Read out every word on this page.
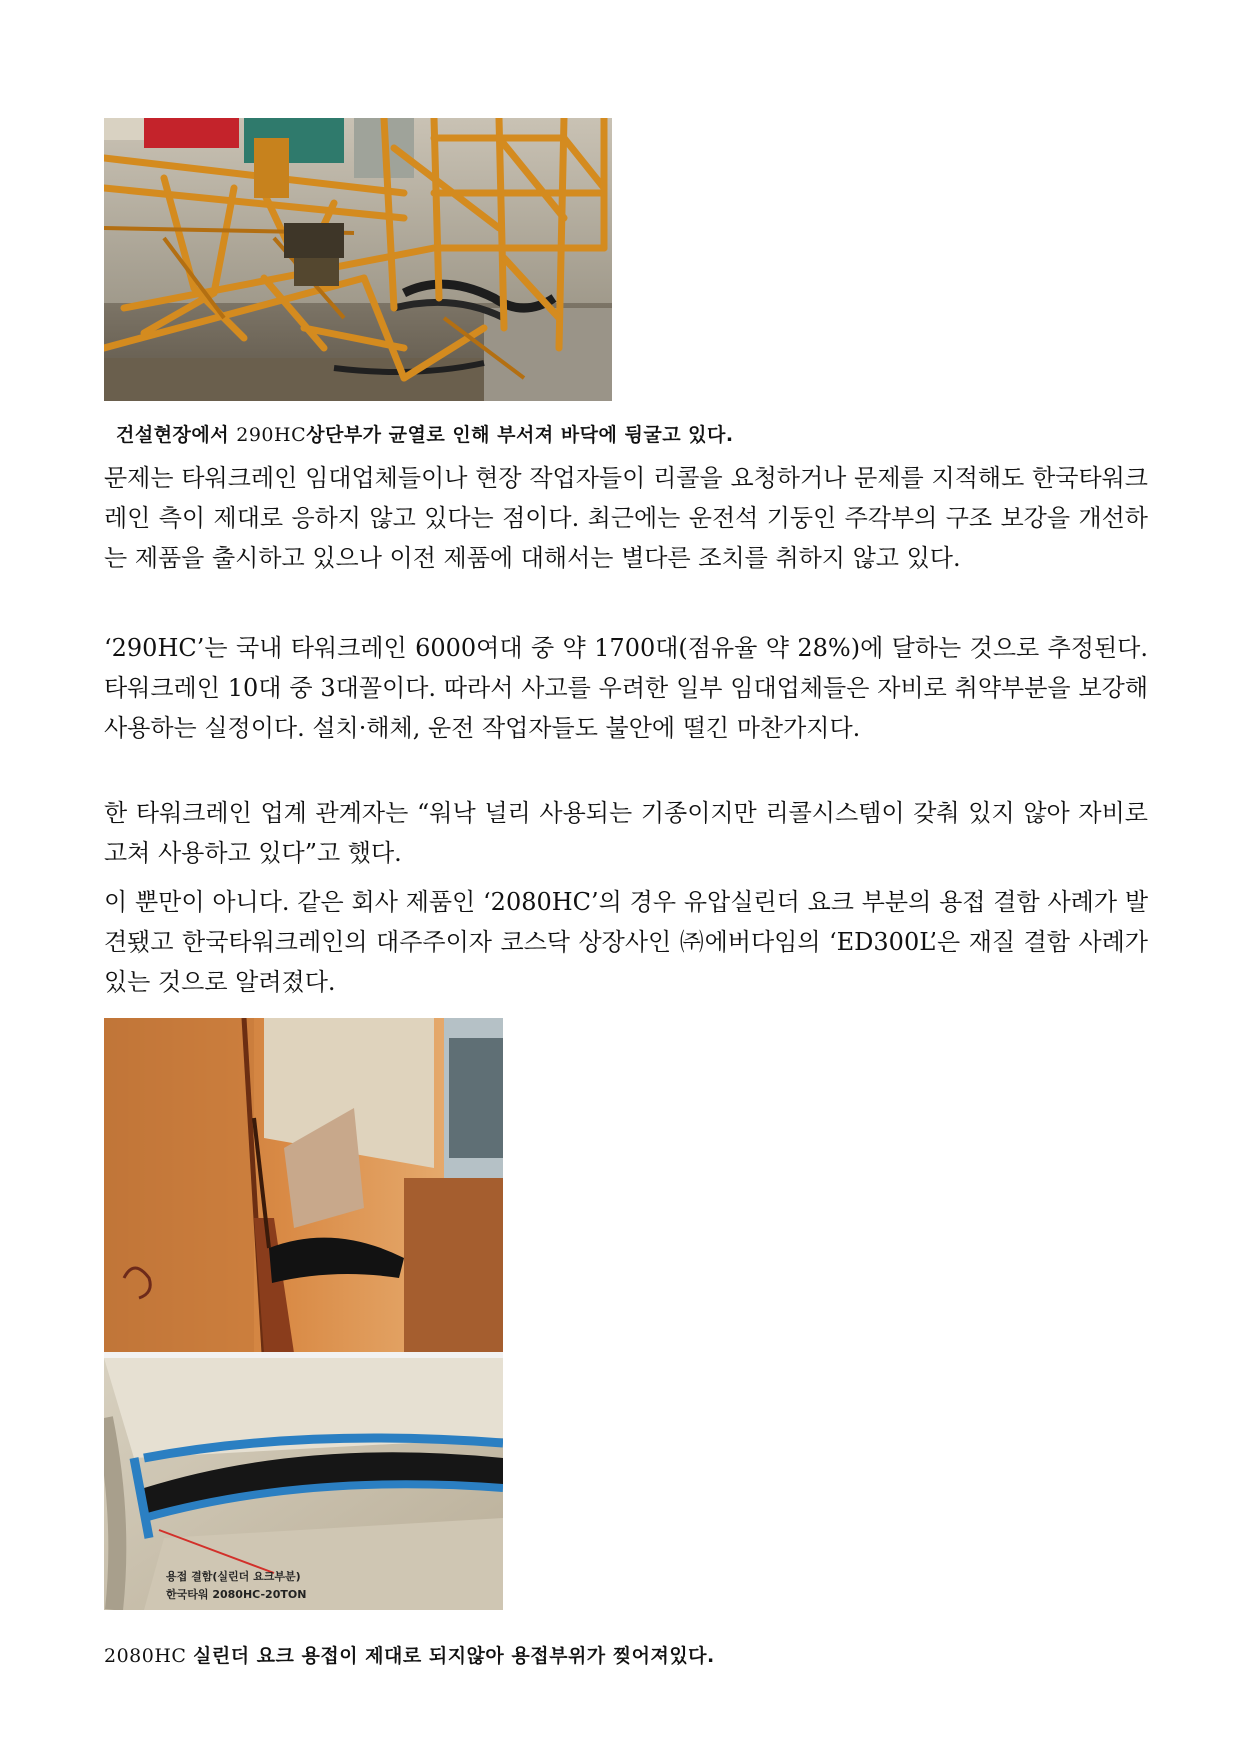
건설현장에서 290HC상단부가 균열로 인해 부서져 바닥에 뒹굴고 있다.
문제는 타워크레인 임대업체들이나 현장 작업자들이 리콜을 요청하거나 문제를 지적해도 한국타워크레인 측이 제대로 응하지 않고 있다는 점이다. 최근에는 운전석 기둥인 주각부의 구조 보강을 개선하는 제품을 출시하고 있으나 이전 제품에 대해서는 별다른 조치를 취하지 않고 있다.
‘290HC’는 국내 타워크레인 6000여대 중 약 1700대(점유율 약 28%)에 달하는 것으로 추정된다. 타워크레인 10대 중 3대꼴이다. 따라서 사고를 우려한 일부 임대업체들은 자비로 취약부분을 보강해 사용하는 실정이다. 설치·해체, 운전 작업자들도 불안에 떨긴 마찬가지다.
한 타워크레인 업계 관계자는 “워낙 널리 사용되는 기종이지만 리콜시스템이 갖춰 있지 않아 자비로 고쳐 사용하고 있다”고 했다.
이 뿐만이 아니다. 같은 회사 제품인 ‘2080HC’의 경우 유압실린더 요크 부분의 용접 결함 사례가 발견됐고 한국타워크레인의 대주주이자 코스닥 상장사인 ㈜에버다임의 ‘ED300L’은 재질 결함 사례가 있는 것으로 알려졌다.
용접 결함(실린더 요크부분)
한국타워 2080HC-20TON
2080HC 실린더 요크 용접이 제대로 되지않아 용접부위가 찢어져있다.
